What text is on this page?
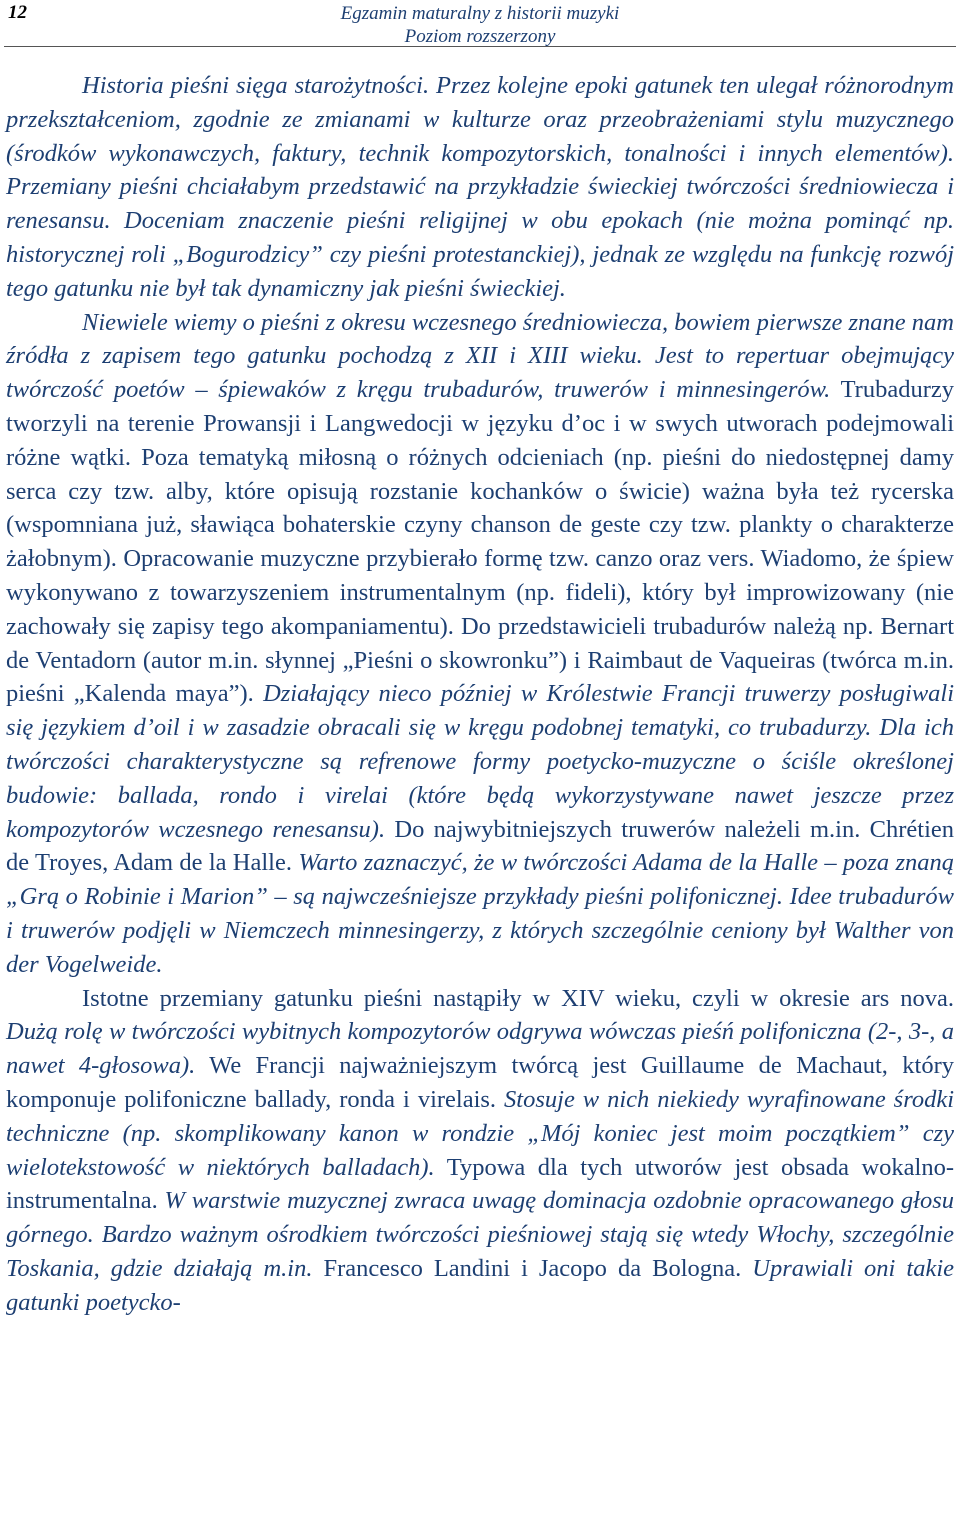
12	Egzamin maturalny z historii muzyki
Poziom rozszerzony

Historia pieśni sięga starożytności. Przez kolejne epoki gatunek ten ulegał różnorodnym przekształceniom, zgodnie ze zmianami w kulturze oraz przeobrażeniami stylu muzycznego (środków wykonawczych, faktury, technik kompozytorskich, tonalności i innych elementów). Przemiany pieśni chciałabym przedstawić na przykładzie świeckiej twórczości średniowiecza i renesansu. Doceniam znaczenie pieśni religijnej w obu epokach (nie można pominąć np. historycznej roli „Bogurodzicy” czy pieśni protestanckiej), jednak ze względu na funkcję rozwój tego gatunku nie był tak dynamiczny jak pieśni świeckiej.

Niewiele wiemy o pieśni z okresu wczesnego średniowiecza, bowiem pierwsze znane nam źródła z zapisem tego gatunku pochodzą z XII i XIII wieku. Jest to repertuar obejmujący twórczość poetów – śpiewaków z kręgu trubadurów, truwerów i minnesingerów. Trubadurzy tworzyli na terenie Prowansji i Langwedocji w języku d’oc i w swych utworach podejmowali różne wątki. Poza tematyką miłosną o różnych odcieniach (np. pieśni do niedostępnej damy serca czy tzw. alby, które opisują rozstanie kochanków o świcie) ważna była też rycerska (wspomniana już, sławiąca bohaterskie czyny chanson de geste czy tzw. plankty o charakterze żałobnym). Opracowanie muzyczne przybierało formę tzw. canzo oraz vers. Wiadomo, że śpiew wykonywano z towarzyszeniem instrumentalnym (np. fideli), który był improwizowany (nie zachowały się zapisy tego akompaniamentu). Do przedstawicieli trubadurów należą np. Bernart de Ventadorn (autor m.in. słynnej „Pieśni o skowronku”) i Raimbaut de Vaqueiras (twórca m.in. pieśni „Kalenda maya”). Działający nieco później w Królestwie Francji truwerzy posługiwali się językiem d’oil i w zasadzie obracali się w kręgu podobnej tematyki, co trubadurzy. Dla ich twórczości charakterystyczne są refrenowe formy poetycko-muzyczne o ściśle określonej budowie: ballada, rondo i virelai (które będą wykorzystywane nawet jeszcze przez kompozytorów wczesnego renesansu). Do najwybitniejszych truwerów należeli m.in. Chrétien de Troyes, Adam de la Halle. Warto zaznaczyć, że w twórczości Adama de la Halle – poza znaną „Grą o Robinie i Marion” – są najwcześniejsze przykłady pieśni polifonicznej. Idee trubadurów i truwerów podjęli w Niemczech minnesingerzy, z których szczególnie ceniony był Walther von der Vogelweide.

Istotne przemiany gatunku pieśni nastąpiły w XIV wieku, czyli w okresie ars nova. Dużą rolę w twórczości wybitnych kompozytorów odgrywa wówczas pieśń polifoniczna (2-, 3-, a nawet 4-głosowa). We Francji najważniejszym twórcą jest Guillaume de Machaut, który komponuje polifoniczne ballady, ronda i virelais. Stosuje w nich niekiedy wyrafinowane środki techniczne (np. skomplikowany kanon w rondzie „Mój koniec jest moim początkiem” czy wielotekstowość w niektórych balladach). Typowa dla tych utworów jest obsada wokalno-instrumentalna. W warstwie muzycznej zwraca uwagę dominacja ozdobnie opracowanego głosu górnego. Bardzo ważnym ośrodkiem twórczości pieśniowej stają się wtedy Włochy, szczególnie Toskania, gdzie działają m.in. Francesco Landini i Jacopo da Bologna. Uprawiali oni takie gatunki poetycko-
